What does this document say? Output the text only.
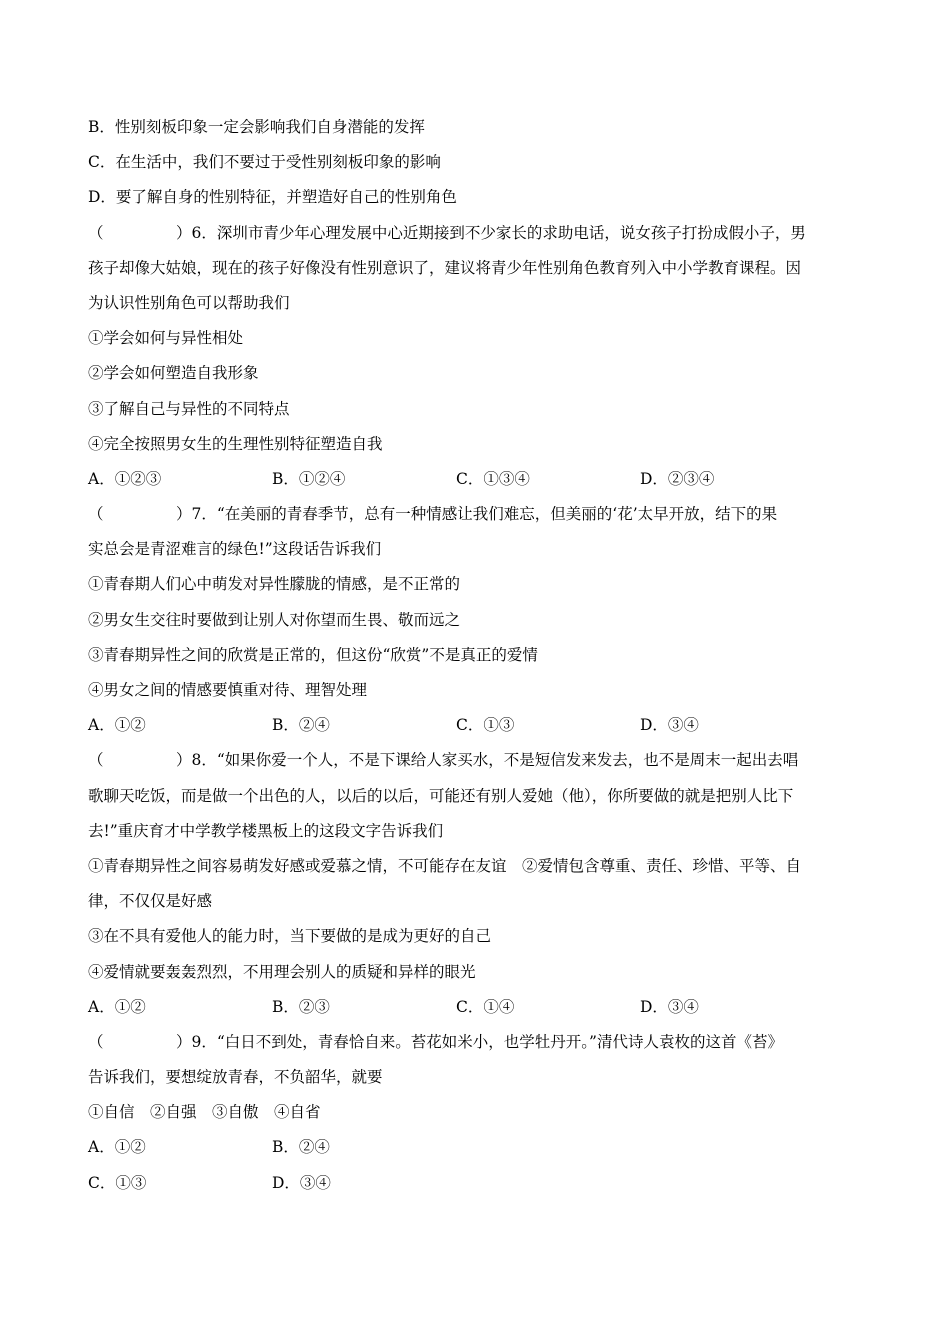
B．性别刻板印象一定会影响我们自身潜能的发挥
C．在生活中，我们不要过于受性别刻板印象的影响
D．要了解自身的性别特征，并塑造好自己的性别角色
（	）6．深圳市青少年心理发展中心近期接到不少家长的求助电话，说女孩子打扮成假小子，男
孩子却像大姑娘，现在的孩子好像没有性别意识了，建议将青少年性别角色教育列入中小学教育课程。因
为认识性别角色可以帮助我们
①学会如何与异性相处
②学会如何塑造自我形象
③了解自己与异性的不同特点
④完全按照男女生的生理性别特征塑造自我
A．①②③	B．①②④	C．①③④	D．②③④
（	）7．“在美丽的青春季节，总有一种情感让我们难忘，但美丽的‘花’太早开放，结下的果
实总会是青涩难言的绿色!”这段话告诉我们
①青春期人们心中萌发对异性朦胧的情感，是不正常的
②男女生交往时要做到让别人对你望而生畏、敬而远之
③青春期异性之间的欣赏是正常的，但这份“欣赏”不是真正的爱情
④男女之间的情感要慎重对待、理智处理
A．①②	B．②④	C．①③	D．③④
（	）8．“如果你爱一个人，不是下课给人家买水，不是短信发来发去，也不是周末一起出去唱
歌聊天吃饭，而是做一个出色的人，以后的以后，可能还有别人爱她（他），你所要做的就是把别人比下
去!”重庆育才中学教学楼黑板上的这段文字告诉我们
①青春期异性之间容易萌发好感或爱慕之情，不可能存在友谊　②爱情包含尊重、责任、珍惜、平等、自
律，不仅仅是好感
③在不具有爱他人的能力时，当下要做的是成为更好的自己
④爱情就要轰轰烈烈，不用理会别人的质疑和异样的眼光
A．①②	B．②③	C．①④	D．③④
（	）9．“白日不到处，青春恰自来。苔花如米小，也学牡丹开。”清代诗人袁枚的这首《苔》
告诉我们，要想绽放青春，不负韶华，就要
①自信　②自强　③自傲　④自省
A．①②	B．②④
C．①③	D．③④
